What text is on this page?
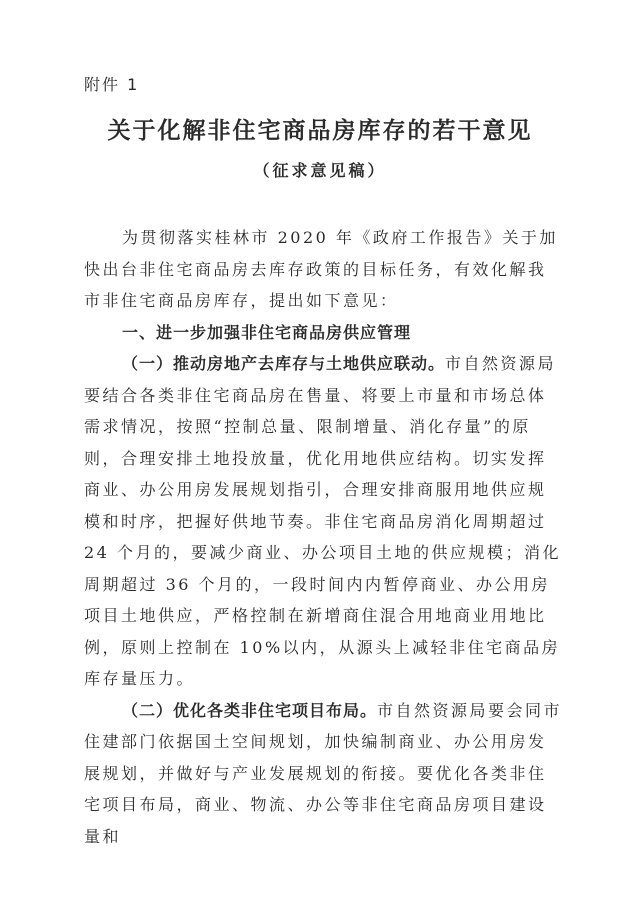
附件 1
关于化解非住宅商品房库存的若干意见
（征求意见稿）

为贯彻落实桂林市 2020 年《政府工作报告》关于加快出台非住宅商品房去库存政策的目标任务，有效化解我市非住宅商品房库存，提出如下意见：

一、进一步加强非住宅商品房供应管理

（一）推动房地产去库存与土地供应联动。市自然资源局要结合各类非住宅商品房在售量、将要上市量和市场总体需求情况，按照“控制总量、限制增量、消化存量”的原则，合理安排土地投放量，优化用地供应结构。切实发挥商业、办公用房发展规划指引，合理安排商服用地供应规模和时序，把握好供地节奏。非住宅商品房消化周期超过 24 个月的，要减少商业、办公项目土地的供应规模；消化周期超过 36 个月的，一段时间内内暂停商业、办公用房项目土地供应，严格控制在新增商住混合用地商业用地比例，原则上控制在 10%以内，从源头上减轻非住宅商品房库存量压力。

（二）优化各类非住宅项目布局。市自然资源局要会同市住建部门依据国土空间规划，加快编制商业、办公用房发展规划，并做好与产业发展规划的衔接。要优化各类非住宅项目布局，商业、物流、办公等非住宅商品房项目建设量和
